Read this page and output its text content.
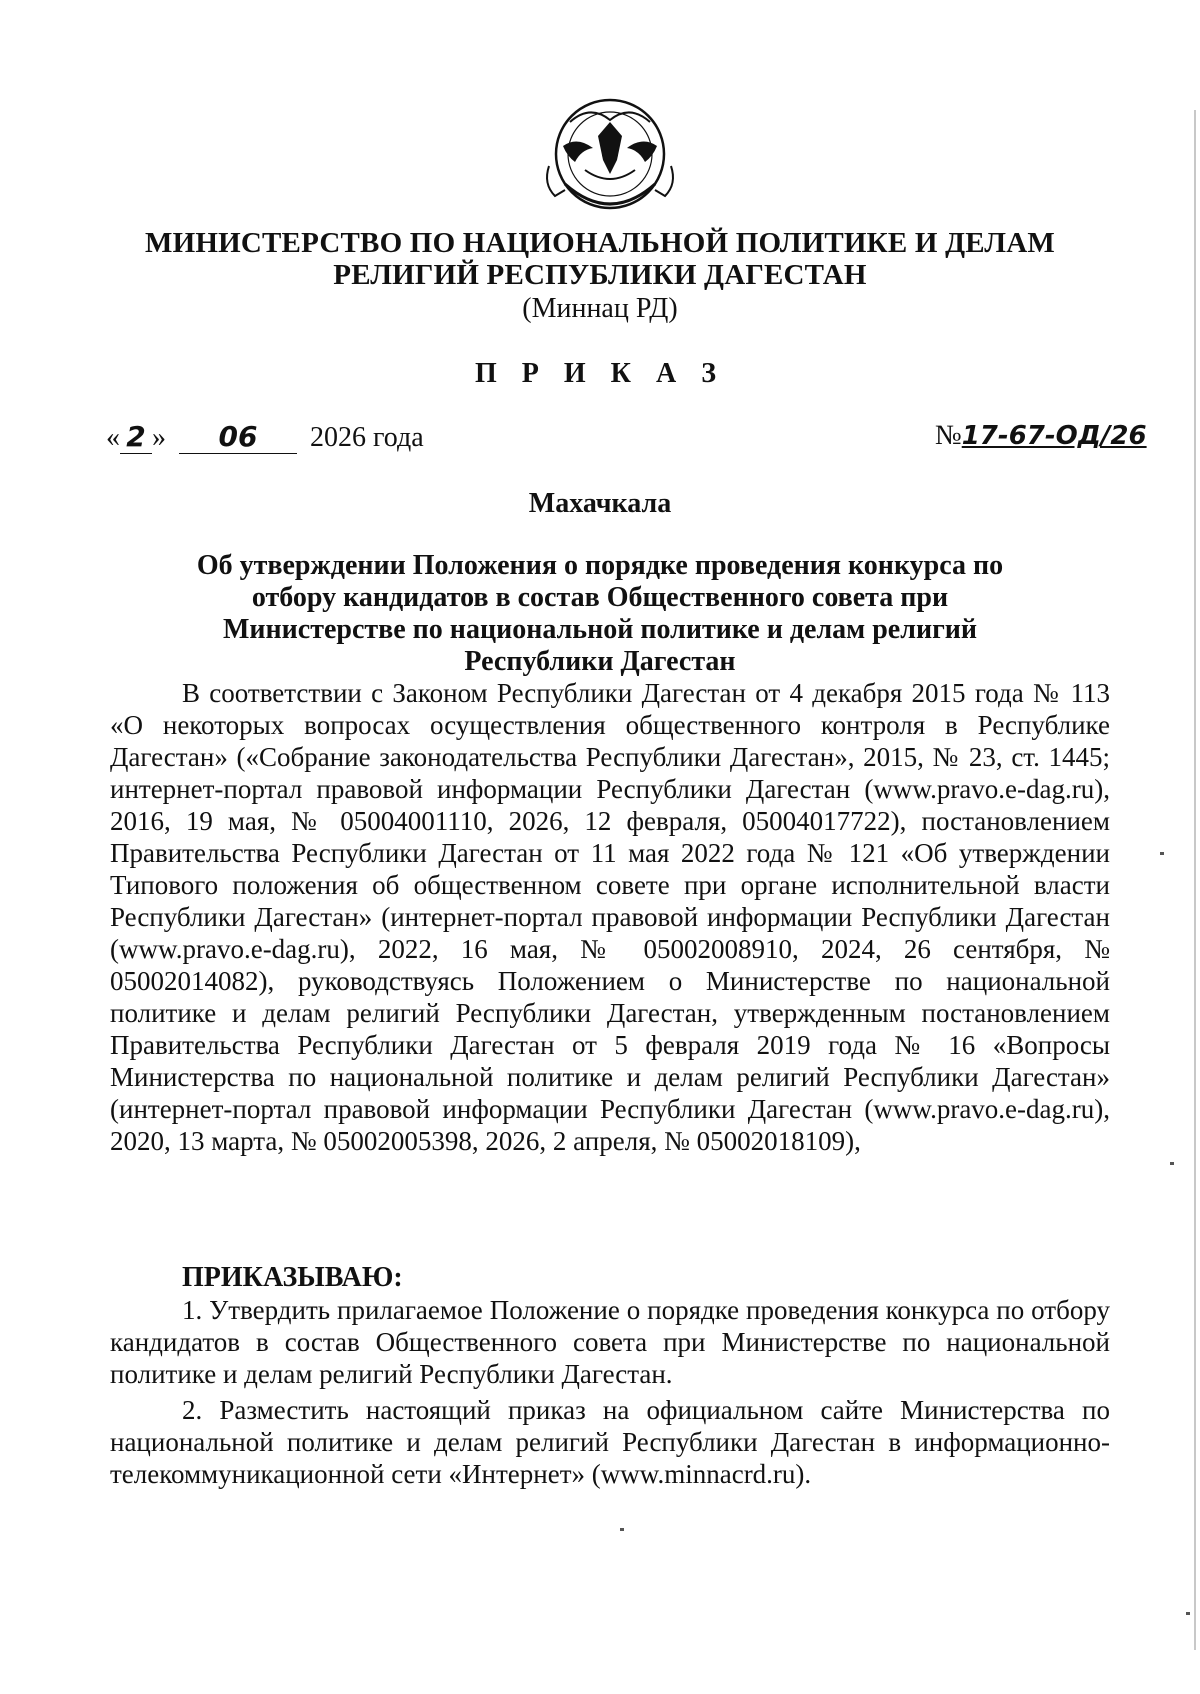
МИНИСТЕРСТВО ПО НАЦИОНАЛЬНОЙ ПОЛИТИКЕ И ДЕЛАМ
РЕЛИГИЙ РЕСПУБЛИКИ ДАГЕСТАН
(Миннац РД)
П Р И К А З
« 2 » 06 2026 года	№17-67-ОД/26
Махачкала
Об утверждении Положения о порядке проведения конкурса по отбору кандидатов в состав Общественного совета при Министерстве по национальной политике и делам религий Республики Дагестан
В соответствии с Законом Республики Дагестан от 4 декабря 2015 года № 113 «О некоторых вопросах осуществления общественного контроля в Республике Дагестан» («Собрание законодательства Республики Дагестан», 2015, № 23, ст. 1445; интернет-портал правовой информации Республики Дагестан (www.pravo.e-dag.ru), 2016, 19 мая, № 05004001110, 2026, 12 февраля, 05004017722), постановлением Правительства Республики Дагестан от 11 мая 2022 года № 121 «Об утверждении Типового положения об общественном совете при органе исполнительной власти Республики Дагестан» (интернет-портал правовой информации Республики Дагестан (www.pravo.e-dag.ru), 2022, 16 мая, № 05002008910, 2024, 26 сентября, № 05002014082), руководствуясь Положением о Министерстве по национальной политике и делам религий Республики Дагестан, утвержденным постановлением Правительства Республики Дагестан от 5 февраля 2019 года № 16 «Вопросы Министерства по национальной политике и делам религий Республики Дагестан» (интернет-портал правовой информации Республики Дагестан (www.pravo.e-dag.ru), 2020, 13 марта, № 05002005398, 2026, 2 апреля, № 05002018109),
ПРИКАЗЫВАЮ:
1. Утвердить прилагаемое Положение о порядке проведения конкурса по отбору кандидатов в состав Общественного совета при Министерстве по национальной политике и делам религий Республики Дагестан.
2. Разместить настоящий приказ на официальном сайте Министерства по национальной политике и делам религий Республики Дагестан в информационно-телекоммуникационной сети «Интернет» (www.minnacrd.ru).
